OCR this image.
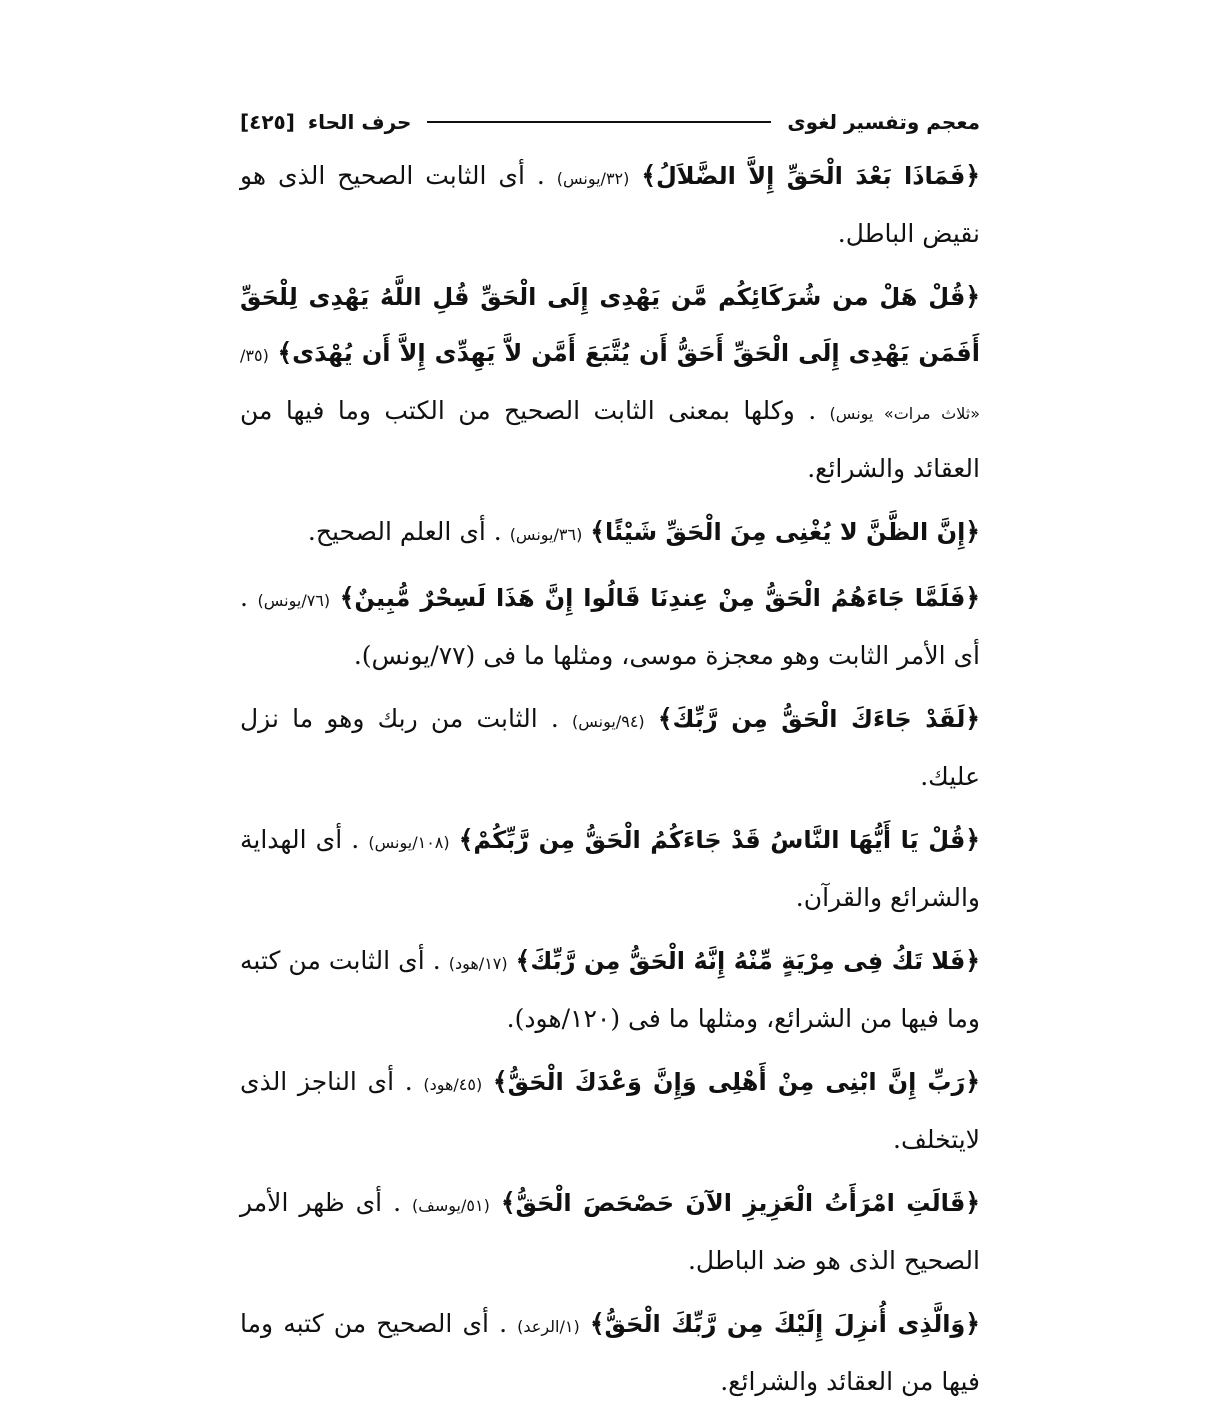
معجم وتفسير لغوى
حرف الحاء [٤٢٥]

﴿فَمَاذَا بَعْدَ الْحَقِّ إِلاَّ الضَّلاَلُ﴾ (٣٢/يونس) . أى الثابت الصحيح الذى هو نقيض الباطل.

﴿قُلْ هَلْ من شُرَكَائِكُم مَّن يَهْدِى إِلَى الْحَقِّ قُلِ اللَّهُ يَهْدِى لِلْحَقِّ أَفَمَن يَهْدِى إِلَى الْحَقِّ أَحَقُّ أَن يُتَّبَعَ أَمَّن لاَّ يَهِدِّى إِلاَّ أَن يُهْدَى﴾ (٣٥/ «ثلاث مرات» يونس) . وكلها بمعنى الثابت الصحيح من الكتب وما فيها من العقائد والشرائع.

﴿إِنَّ الظَّنَّ لا يُغْنِى مِنَ الْحَقِّ شَيْئًا﴾ (٣٦/يونس) . أى العلم الصحيح.

﴿فَلَمَّا جَاءَهُمُ الْحَقُّ مِنْ عِندِنَا قَالُوا إِنَّ هَذَا لَسِحْرٌ مُّبِينٌ﴾ (٧٦/يونس) . أى الأمر الثابت وهو معجزة موسى، ومثلها ما فى (٧٧/يونس).

﴿لَقَدْ جَاءَكَ الْحَقُّ مِن رَّبِّكَ﴾ (٩٤/يونس) . الثابت من ربك وهو ما نزل عليك.

﴿قُلْ يَا أَيُّهَا النَّاسُ قَدْ جَاءَكُمُ الْحَقُّ مِن رَّبِّكُمْ﴾ (١٠٨/يونس) . أى الهداية والشرائع والقرآن.

﴿فَلا تَكُ فِى مِرْيَةٍ مِّنْهُ إِنَّهُ الْحَقُّ مِن رَّبِّكَ﴾ (١٧/هود) . أى الثابت من كتبه وما فيها من الشرائع، ومثلها ما فى (١٢٠/هود).

﴿رَبِّ إِنَّ ابْنِى مِنْ أَهْلِى وَإِنَّ وَعْدَكَ الْحَقُّ﴾ (٤٥/هود) . أى الناجز الذى لايتخلف.

﴿قَالَتِ امْرَأَتُ الْعَزِيزِ الآنَ حَصْحَصَ الْحَقُّ﴾ (٥١/يوسف) . أى ظهر الأمر الصحيح الذى هو ضد الباطل.

﴿وَالَّذِى أُنزِلَ إِلَيْكَ مِن رَّبِّكَ الْحَقُّ﴾ (١/الرعد) . أى الصحيح من كتبه وما فيها من العقائد والشرائع.
